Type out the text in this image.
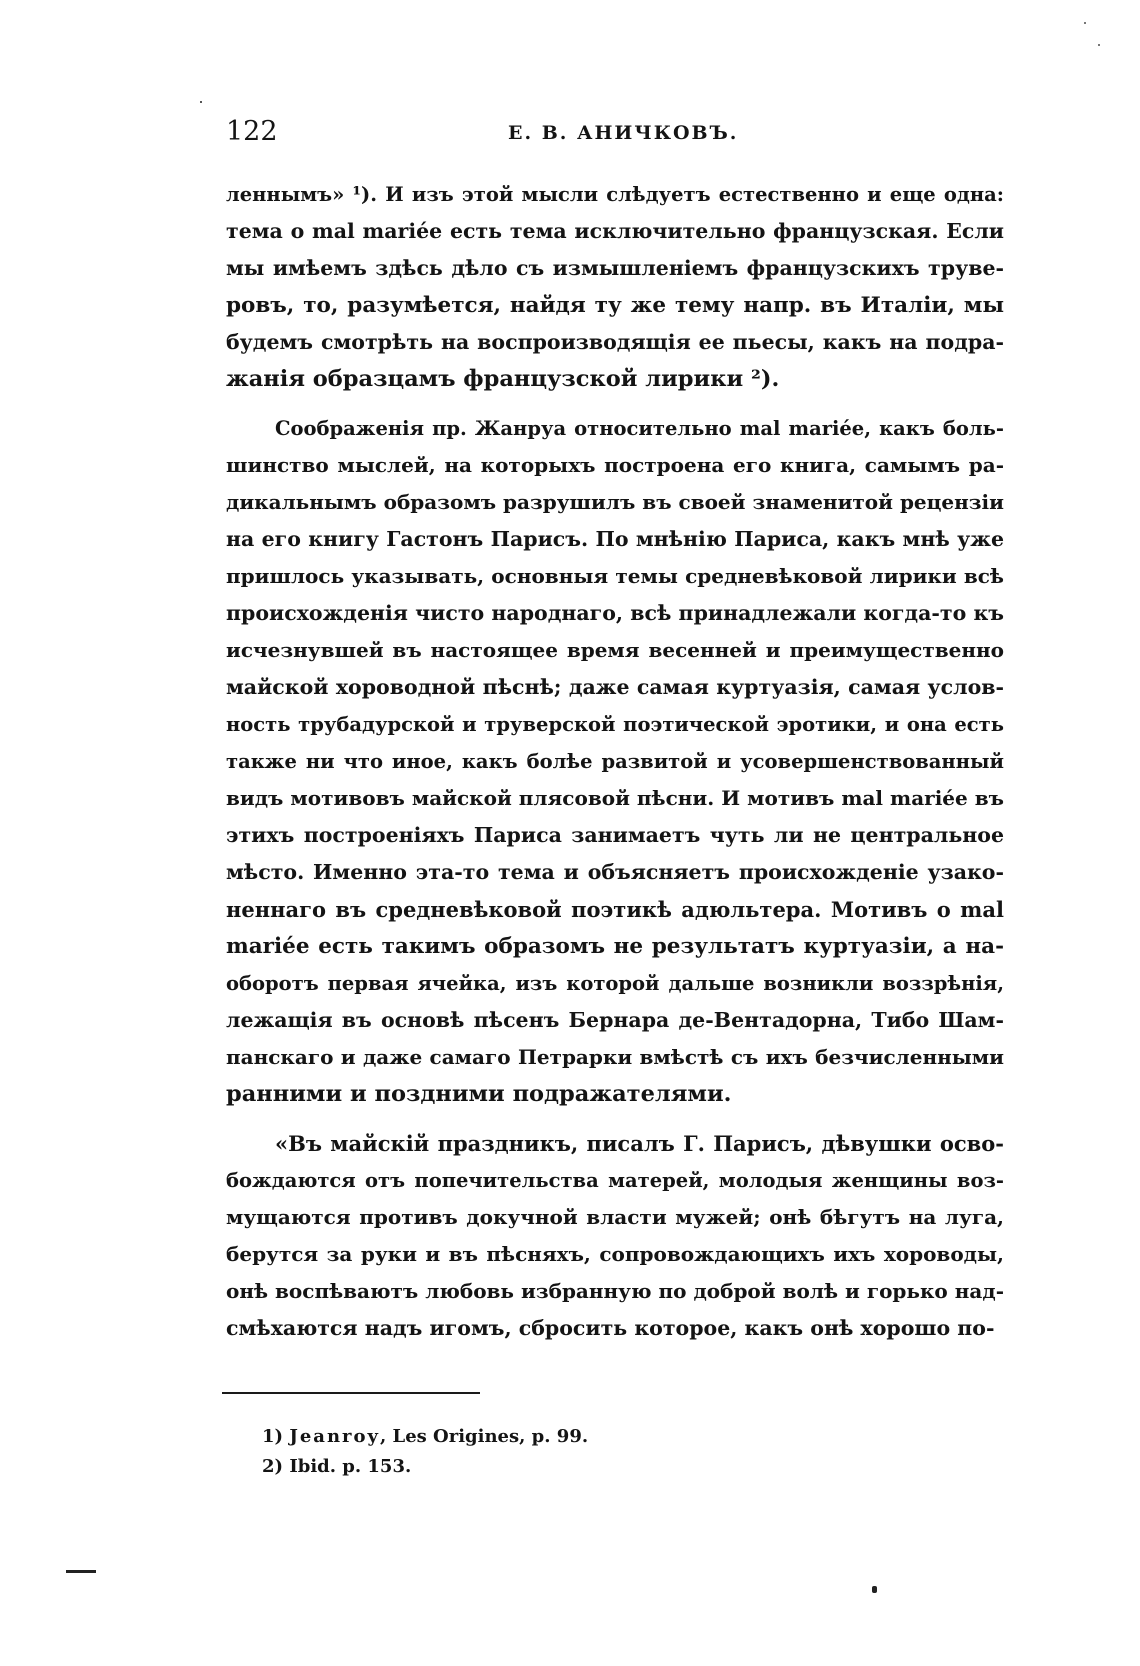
122	Е. В. АНИЧКОВЪ.
леннымъ» ¹). И изъ этой мысли слѣдуетъ естественно и еще одна:
тема о mal mariée есть тема исключительно французская. Если
мы имѣемъ здѣсь дѣло съ измышленіемъ французскихъ труве-
ровъ, то, разумѣется, найдя ту же тему напр. въ Италіи, мы
будемъ смотрѣть на воспроизводящія ее пьесы, какъ на подра-
жанія образцамъ французской лирики ²).
Соображенія пр. Жанруа относительно mal mariée, какъ боль-
шинство мыслей, на которыхъ построена его книга, самымъ ра-
дикальнымъ образомъ разрушилъ въ своей знаменитой рецензіи
на его книгу Гастонъ Парисъ. По мнѣнію Париса, какъ мнѣ уже
пришлось указывать, основныя темы средневѣковой лирики всѣ
происхожденія чисто народнаго, всѣ принадлежали когда-то къ
исчезнувшей въ настоящее время весенней и преимущественно
майской хороводной пѣснѣ; даже самая куртуазія, самая услов-
ность трубадурской и труверской поэтической эротики, и она есть
также ни что иное, какъ болѣе развитой и усовершенствованный
видъ мотивовъ майской плясовой пѣсни. И мотивъ mal mariée въ
этихъ построеніяхъ Париса занимаетъ чуть ли не центральное
мѣсто. Именно эта-то тема и объясняетъ происхожденіе узако-
неннаго въ средневѣковой поэтикѣ адюльтера. Мотивъ о mal
mariée есть такимъ образомъ не результатъ куртуазіи, а на-
оборотъ первая ячейка, изъ которой дальше возникли воззрѣнія,
лежащія въ основѣ пѣсенъ Бернара де-Вентадорна, Тибо Шам-
панскаго и даже самаго Петрарки вмѣстѣ съ ихъ безчисленными
ранними и поздними подражателями.
«Въ майскій праздникъ, писалъ Г. Парисъ, дѣвушки осво-
бождаются отъ попечительства матерей, молодыя женщины воз-
мущаются противъ докучной власти мужей; онѣ бѣгутъ на луга,
берутся за руки и въ пѣсняхъ, сопровождающихъ ихъ хороводы,
онѣ воспѣваютъ любовь избранную по доброй волѣ и горько над-
смѣхаются надъ игомъ, сбросить которое, какъ онѣ хорошо по-
1) Jeanroy, Les Origines, p. 99.
2) Ibid. p. 153.
